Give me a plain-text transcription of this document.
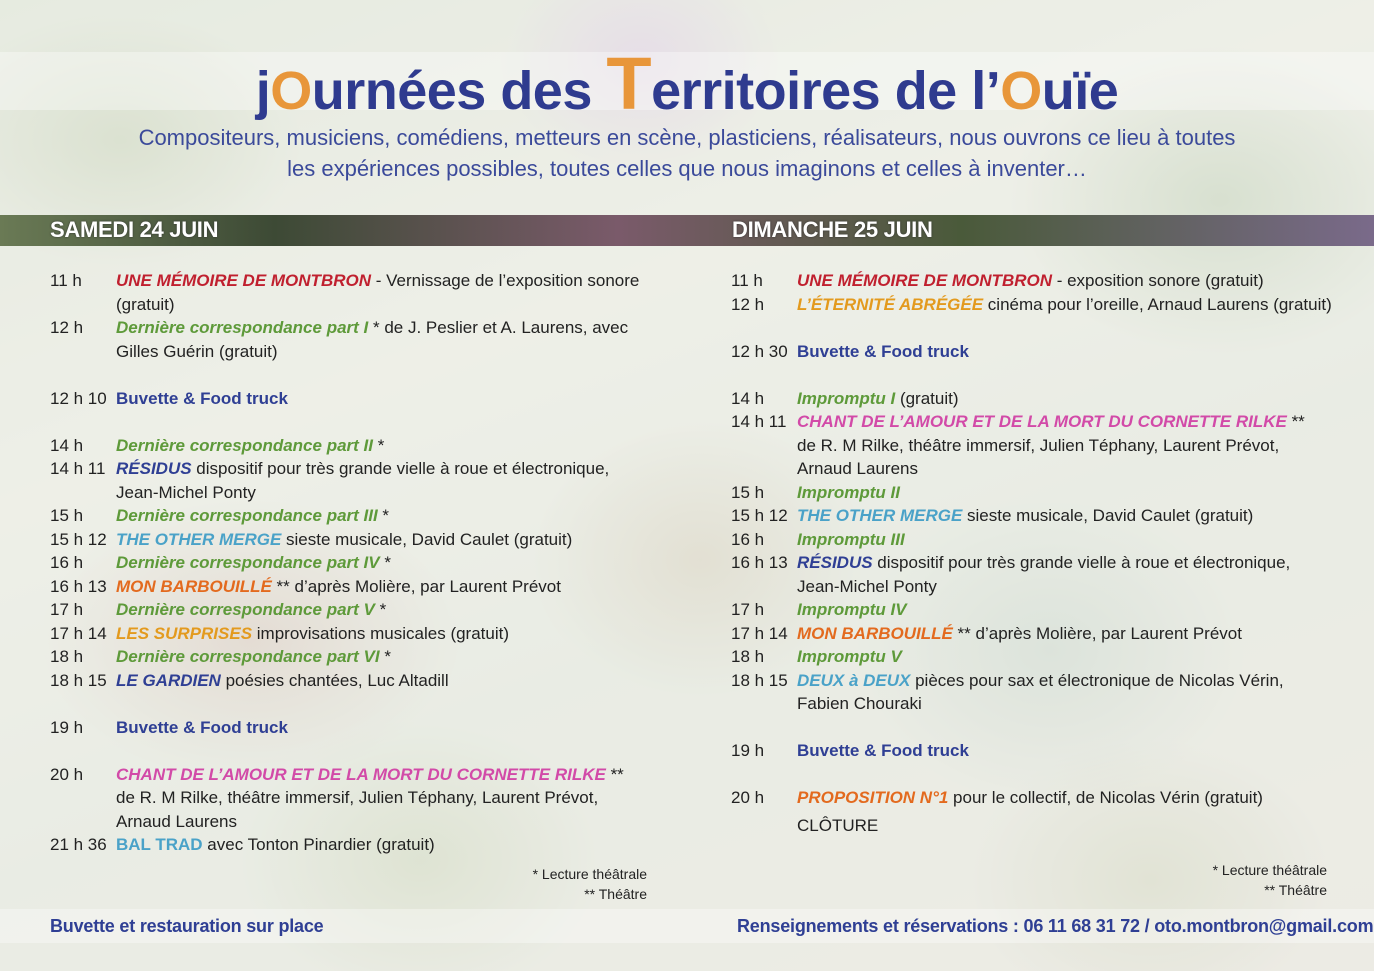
jOurnées des Territoires de l’Ouïe
Compositeurs, musiciens, comédiens, metteurs en scène, plasticiens, réalisateurs, nous ouvrons ce lieu à toutes
les expériences possibles, toutes celles que nous imaginons et celles à inventer…
SAMEDI 24 JUIN	DIMANCHE 25 JUIN
11 h UNE MÉMOIRE DE MONTBRON - Vernissage de l’exposition sonore
(gratuit)
12 h Dernière correspondance part I * de J. Peslier et A. Laurens, avec
Gilles Guérin (gratuit)
12 h 10 Buvette & Food truck
14 h Dernière correspondance part II *
14 h 11 RÉSIDUS dispositif pour très grande vielle à roue et électronique,
Jean-Michel Ponty
15 h Dernière correspondance part III *
15 h 12 THE OTHER MERGE sieste musicale, David Caulet (gratuit)
16 h Dernière correspondance part IV *
16 h 13 MON BARBOUILLÉ ** d’après Molière, par Laurent Prévot
17 h Dernière correspondance part V *
17 h 14 LES SURPRISES improvisations musicales (gratuit)
18 h Dernière correspondance part VI *
18 h 15 LE GARDIEN poésies chantées, Luc Altadill
19 h Buvette & Food truck
20 h CHANT DE L’AMOUR ET DE LA MORT DU CORNETTE RILKE **
de R. M Rilke, théâtre immersif, Julien Téphany, Laurent Prévot,
Arnaud Laurens
21 h 36 BAL TRAD avec Tonton Pinardier (gratuit)
* Lecture théâtrale
** Théâtre
11 h UNE MÉMOIRE DE MONTBRON - exposition sonore (gratuit)
12 h L’ÉTERNITÉ ABRÉGÉE cinéma pour l’oreille, Arnaud Laurens (gratuit)
12 h 30 Buvette & Food truck
14 h Impromptu I (gratuit)
14 h 11 CHANT DE L’AMOUR ET DE LA MORT DU CORNETTE RILKE **
de R. M Rilke, théâtre immersif, Julien Téphany, Laurent Prévot,
Arnaud Laurens
15 h Impromptu II
15 h 12 THE OTHER MERGE sieste musicale, David Caulet (gratuit)
16 h Impromptu III
16 h 13 RÉSIDUS dispositif pour très grande vielle à roue et électronique,
Jean-Michel Ponty
17 h Impromptu IV
17 h 14 MON BARBOUILLÉ ** d’après Molière, par Laurent Prévot
18 h Impromptu V
18 h 15 DEUX à DEUX pièces pour sax et électronique de Nicolas Vérin,
Fabien Chouraki
19 h Buvette & Food truck
20 h PROPOSITION N°1 pour le collectif, de Nicolas Vérin (gratuit)
CLÔTURE
* Lecture théâtrale
** Théâtre
Buvette et restauration sur place	Renseignements et réservations : 06 11 68 31 72 / oto.montbron@gmail.com
